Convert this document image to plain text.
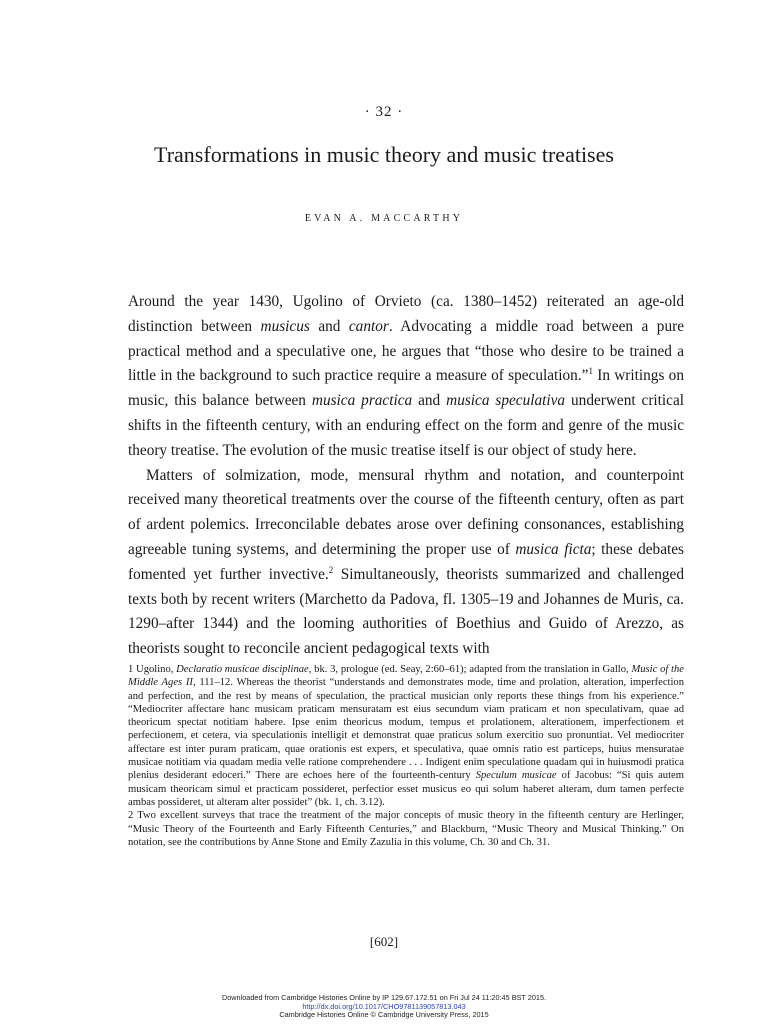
· 32 ·
Transformations in music theory and music treatises
EVAN A. MACCARTHY

Around the year 1430, Ugolino of Orvieto (ca. 1380–1452) reiterated an age-old distinction between musicus and cantor. Advocating a middle road between a pure practical method and a speculative one, he argues that “those who desire to be trained a little in the background to such practice require a measure of speculation.”$^1$ In writings on music, this balance between musica practica and musica speculativa underwent critical shifts in the fifteenth century, with an enduring effect on the form and genre of the music theory treatise. The evolution of the music treatise itself is our object of study here.

Matters of solmization, mode, mensural rhythm and notation, and counterpoint received many theoretical treatments over the course of the fifteenth century, often as part of ardent polemics. Irreconcilable debates arose over defining consonances, establishing agreeable tuning systems, and determining the proper use of musica ficta; these debates fomented yet further invective.$^2$ Simultaneously, theorists summarized and challenged texts both by recent writers (Marchetto da Padova, fl. 1305–19 and Johannes de Muris, ca. 1290–after 1344) and the looming authorities of Boethius and Guido of Arezzo, as theorists sought to reconcile ancient pedagogical texts with

1 Ugolino, Declaratio musicae disciplinae, bk. 3, prologue (ed. Seay, 2:60–61); adapted from the translation in Gallo, Music of the Middle Ages II, 111–12. Whereas the theorist “understands and demonstrates mode, time and prolation, alteration, imperfection and perfection, and the rest by means of speculation, the practical musician only reports these things from his experience.” “Mediocriter affectare hanc musicam praticam mensuratam est eius secundum viam praticam et non speculativam, quae ad theoricum spectat notitiam habere. Ipse enim theoricus modum, tempus et prolationem, alterationem, imperfectionem et perfectionem, et cetera, via speculationis intelligit et demonstrat quae praticus solum exercitio suo pronuntiat. Vel mediocriter affectare est inter puram praticam, quae orationis est expers, et speculativa, quae omnis ratio est particeps, huius mensuratae musicae notitiam via quadam media velle ratione comprehendere . . . Indigent enim speculatione quadam qui in huiusmodi pratica plenius desiderant edoceri.” There are echoes here of the fourteenth-century Speculum musicae of Jacobus: “Si quis autem musicam theoricam simul et practicam possideret, perfectior esset musicus eo qui solum haberet alteram, dum tamen perfecte ambas possideret, ut alteram alter possidet” (bk. 1, ch. 3.12).

2 Two excellent surveys that trace the treatment of the major concepts of music theory in the fifteenth century are Herlinger, “Music Theory of the Fourteenth and Early Fifteenth Centuries,” and Blackburn, “Music Theory and Musical Thinking.” On notation, see the contributions by Anne Stone and Emily Zazulia in this volume, Ch. 30 and Ch. 31.

[602]
Downloaded from Cambridge Histories Online by IP 129.67.172.51 on Fri Jul 24 11:20:45 BST 2015.
http://dx.doi.org/10.1017/CHO9781139057813.043
Cambridge Histories Online © Cambridge University Press, 2015
